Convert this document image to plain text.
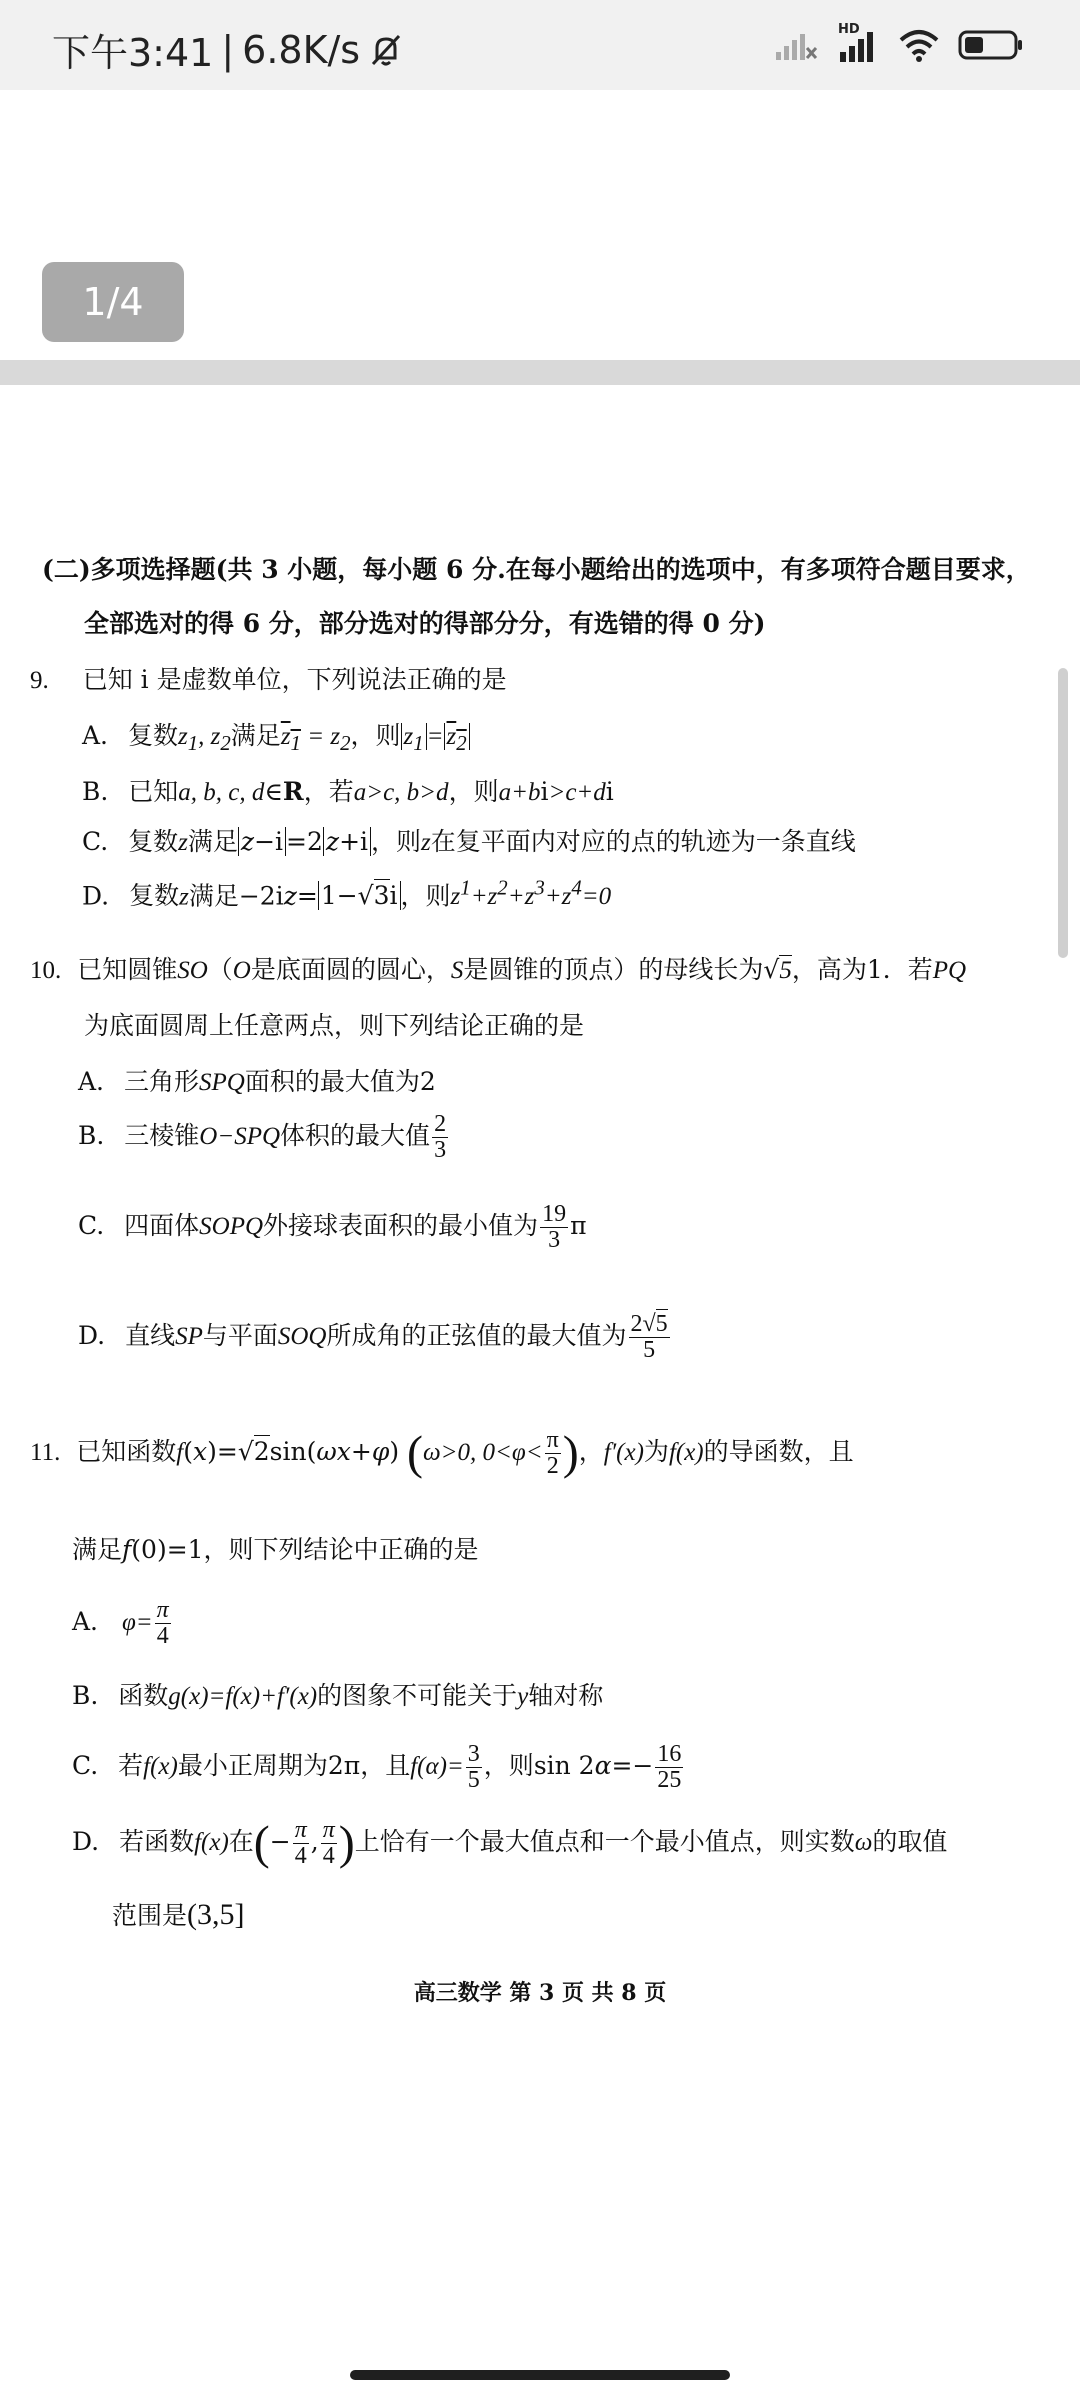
下午3:41 | 6.8K/s	HD
1/4
(二)多项选择题(共 3 小题，每小题 6 分.在每小题给出的选项中，有多项符合题目要求，
全部选对的得 6 分，部分选对的得部分分，有选错的得 0 分)
9. 已知 i 是虚数单位，下列说法正确的是
A. 复数$z_1$, $z_2$满足$z_1 = z_2$，则 $z_1 = z_2$
B. 已知a, b, c, d∈R，若a>c, b>d，则a+bi>c+di
C. 复数z满足 z−i =2 z+i ，则z在复平面内对应的点的轨迹为一条直线
D. 复数z满足−2iz= 1−√3i ，则$z^1+z^2+z^3+z^4=0$
10. 已知圆锥SO（O是底面圆的圆心，S是圆锥的顶点）的母线长为√5，高为1．若PQ
为底面圆周上任意两点，则下列结论正确的是
A. 三角形SPQ面积的最大值为2
B. 三棱锥O−SPQ体积的最大值 $\frac{2}{3}$
C. 四面体SOPQ外接球表面积的最小值为 $\frac{19}{3}$ π
D. 直线SP与平面SOQ所成角的正弦值的最大值为 $\frac{2√5}{5}$
11. 已知函数f(x)=√2sin(ωx+φ) (ω>0, $0<\varphi< \frac{\pi}{2}$ )，f′(x)为f(x)的导函数，且
满足f(0)=1，则下列结论中正确的是
A. $\varphi= \frac{\pi}{4}$
B. 函数g(x)=f(x)+f′(x)的图象不可能关于y轴对称
C. 若f(x)最小正周期为2π，且$f(\alpha)= \frac{3}{5}$ ，则$\sin 2\alpha=- \frac{16}{25}$
D. 若函数f(x)在(− $\frac{\pi}{4}$ , $\frac{\pi}{4}$ )上恰有一个最大值点和一个最小值点，则实数ω的取值
范围是(3,5]
高三数学 第 3 页 共 8 页
